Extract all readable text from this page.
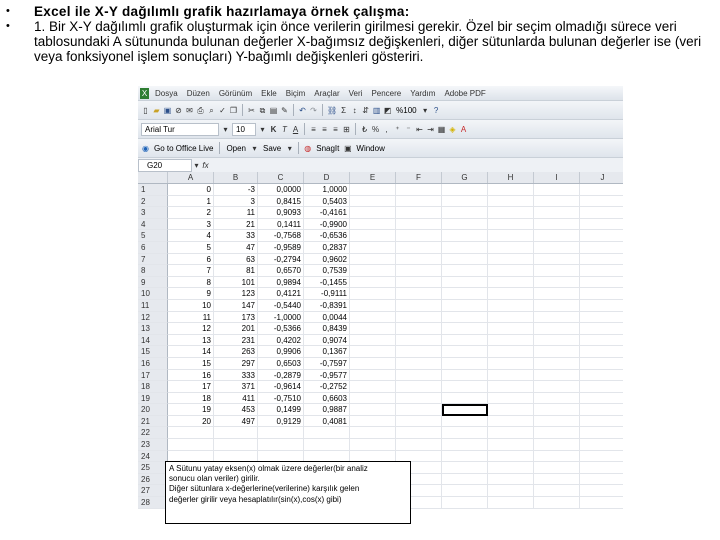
•	Excel ile X-Y dağılımlı grafik hazırlamaya örnek çalışma:
•	1. Bir X-Y dağılımlı grafik oluşturmak için önce verilerin girilmesi gerekir. Özel bir seçim olmadığı sürece veri tablosundaki A sütununda bulunan değerler X-bağımsız değişkenleri, diğer sütunlarda bulunan değerler ise (veri veya fonksiyonel işlem sonuçları) Y-bağımlı değişkenleri gösteriri.
X Dosya	Düzen	Görünüm	Ekle	Biçim	Araçlar	Veri	Pencere	Yardım	Adobe PDF
▯ ▰ ▣ ⊘ ✉ ⎙ ⌕ ✓ ❐ ✂ ⧉ ▤ ✎ ↶ ↷ ⛓ Σ ↕ ⇵ ▥ ◩ %100 ▾ ?
Arial Tur	▾	10	▾ K T A ≡ ≡ ≡ ⊞ ₺ % , ⁺ ⁻ ⇤ ⇥ ▦ ◈ A
◉ Go to Office Live Open ▾ Save ▾	◍ SnagIt ▣ Window
G20	▾ fx
A	B	C	D	E	F	G	H	I	J
1	0	-3	0,0000	1,0000
2	1	3	0,8415	0,5403
3	2	11	0,9093	-0,4161
4	3	21	0,1411	-0,9900
5	4	33	-0,7568	-0,6536
6	5	47	-0,9589	0,2837
7	6	63	-0,2794	0,9602
8	7	81	0,6570	0,7539
9	8	101	0,9894	-0,1455
10	9	123	0,4121	-0,9111
11	10	147	-0,5440	-0,8391
12	11	173	-1,0000	0,0044
13	12	201	-0,5366	0,8439
14	13	231	0,4202	0,9074
15	14	263	0,9906	0,1367
16	15	297	0,6503	-0,7597
17	16	333	-0,2879	-0,9577
18	17	371	-0,9614	-0,2752
19	18	411	-0,7510	0,6603
20	19	453	0,1499	0,9887
21	20	497	0,9129	0,4081
22
23
24
25
26
27
28
A Sütunu yatay eksen(x) olmak üzere değerler(bir analiz
sonucu olan veriler) girilir.
Diğer sütunlara x-değerlerine(verilerine) karşılık gelen
değerler girilir veya hesaplatılır(sin(x),cos(x) gibi)
